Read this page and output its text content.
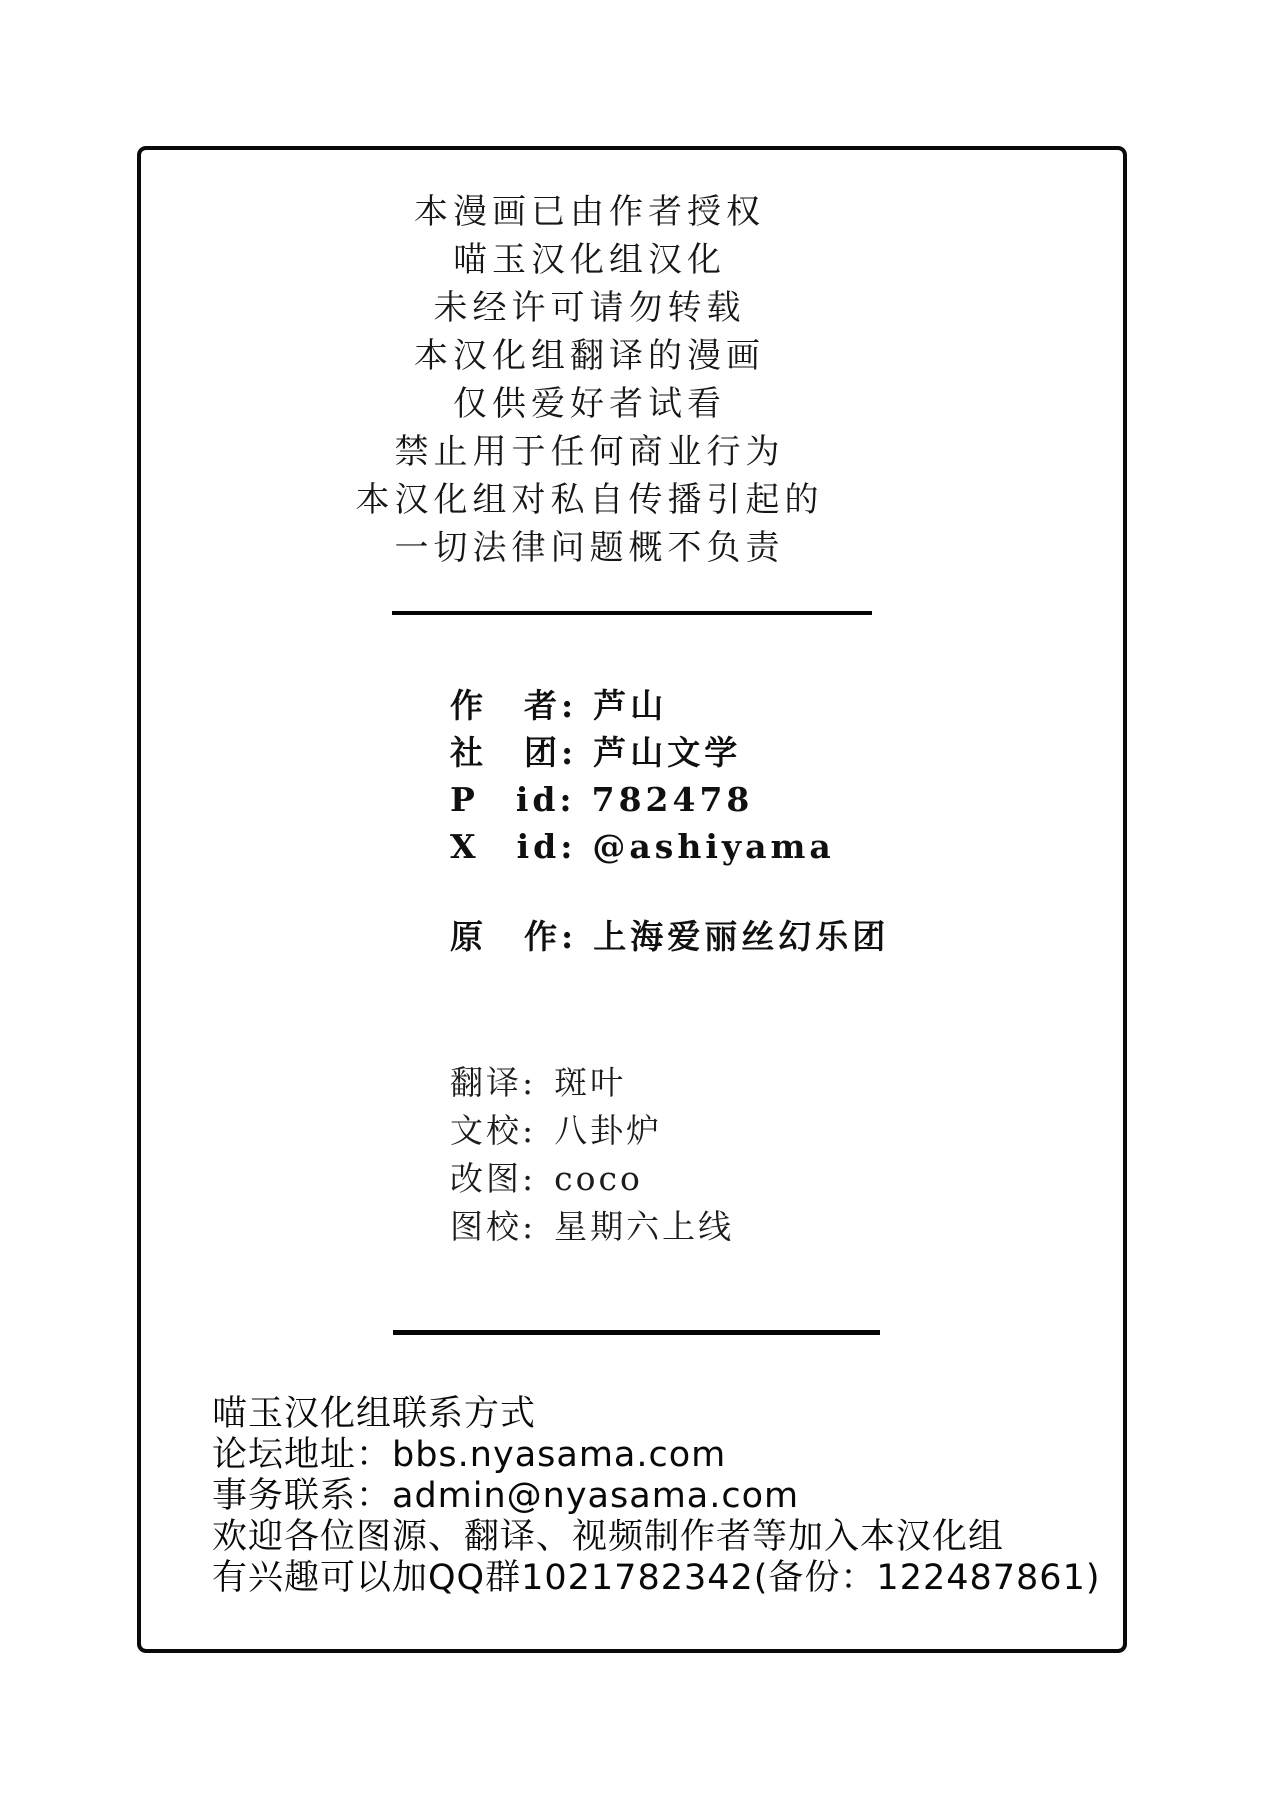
本漫画已由作者授权
喵玉汉化组汉化
未经许可请勿转载
本汉化组翻译的漫画
仅供爱好者试看
禁止用于任何商业行为
本汉化组对私自传播引起的
一切法律问题概不负责
作　者: 芦山
社　团: 芦山文学
P　id: 782478
X　id: @ashiyama
原　作: 上海爱丽丝幻乐团
翻译: 斑叶
文校: 八卦炉
改图: coco
图校: 星期六上线
喵玉汉化组联系方式
论坛地址：bbs.nyasama.com
事务联系：admin@nyasama.com
欢迎各位图源、翻译、视频制作者等加入本汉化组
有兴趣可以加QQ群1021782342(备份：122487861)
